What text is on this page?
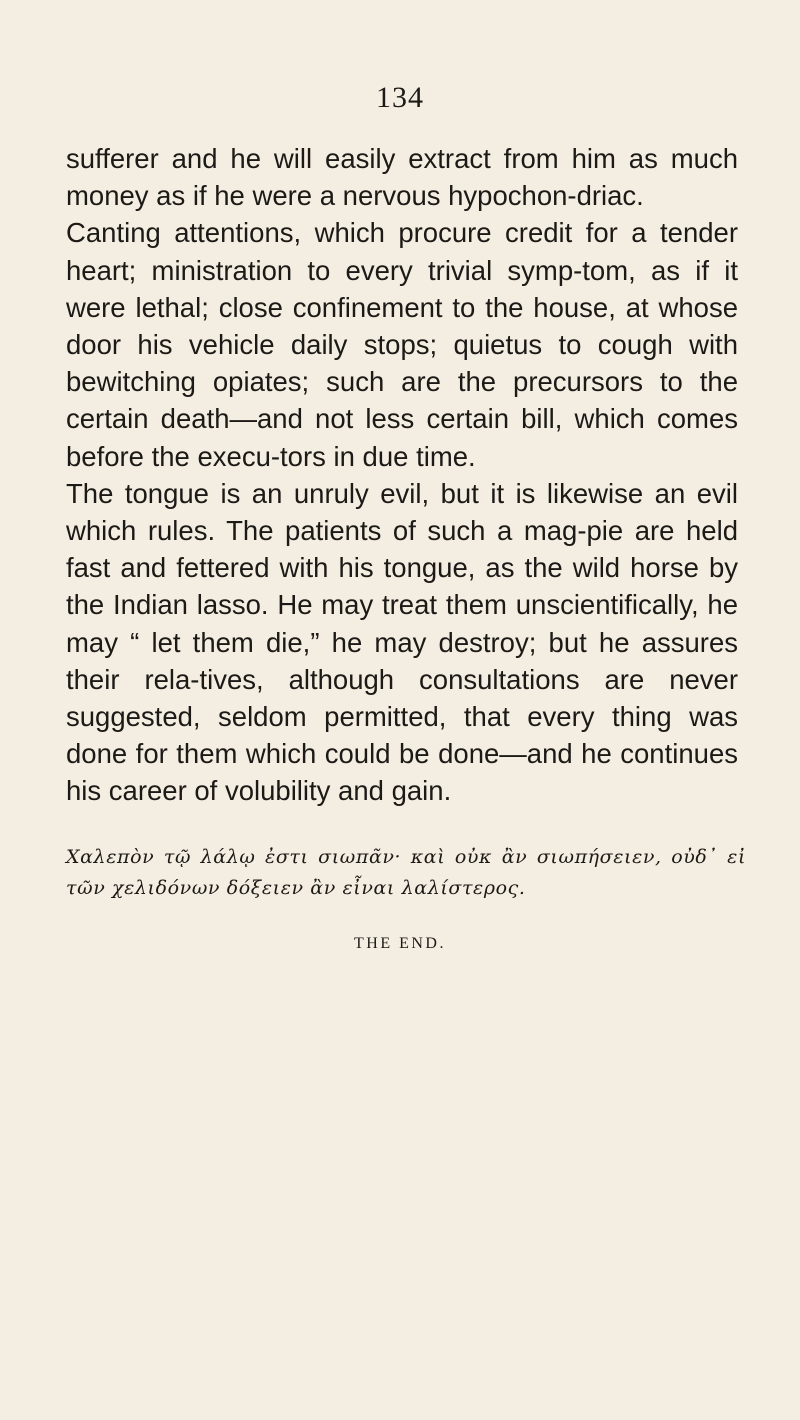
134

sufferer and he will easily extract from him as much money as if he were a nervous hypochon-driac.

Canting attentions, which procure credit for a tender heart; ministration to every trivial symp-tom, as if it were lethal; close confinement to the house, at whose door his vehicle daily stops; quietus to cough with bewitching opiates; such are the precursors to the certain death—and not less certain bill, which comes before the execu-tors in due time.

The tongue is an unruly evil, but it is likewise an evil which rules. The patients of such a mag-pie are held fast and fettered with his tongue, as the wild horse by the Indian lasso. He may treat them unscientifically, he may “ let them die,” he may destroy; but he assures their rela-tives, although consultations are never suggested, seldom permitted, that every thing was done for them which could be done—and he continues his career of volubility and gain.

Χαλεπὸν τῷ λάλῳ ἐστι σιωπᾶν· καὶ οὐκ ἂν σιωπήσειεν, οὐδ᾽ εἰ τῶν χελιδόνων δόξειεν ἂν εἶναι λαλίστερος.
THE END.
